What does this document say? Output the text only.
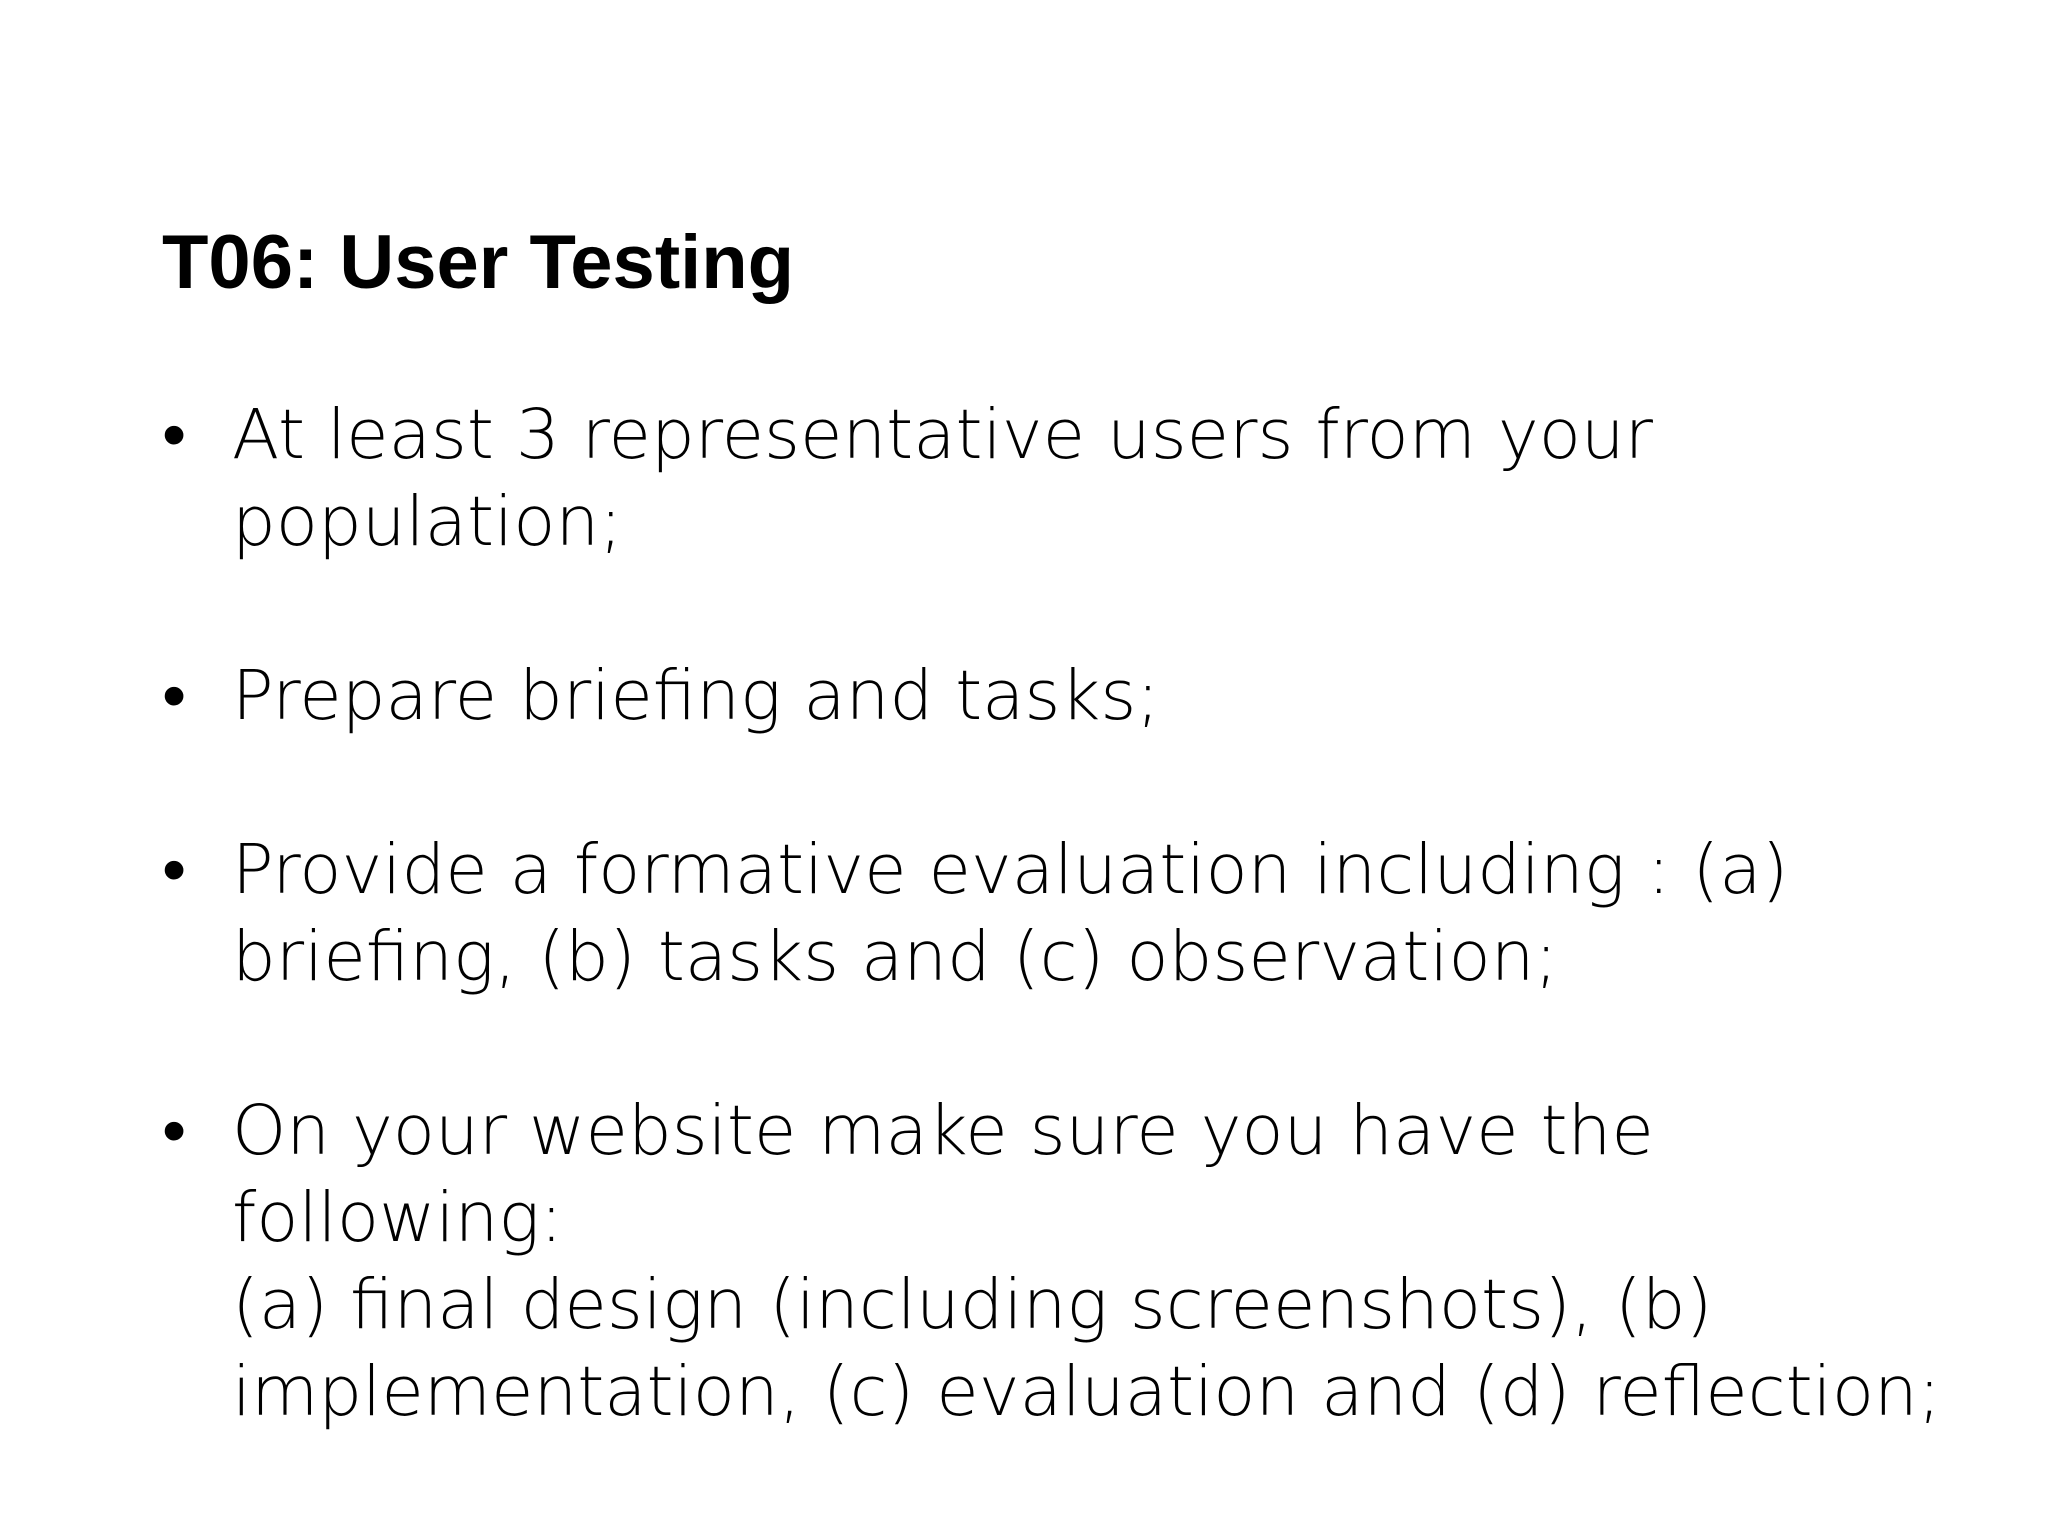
T06: User Testing
• At least 3 representative users from your
population;
• Prepare briefing and tasks;
• Provide a formative evaluation including : (a)
briefing, (b) tasks and (c) observation;
• On your website make sure you have the following:
(a) final design (including screenshots), (b)
implementation, (c) evaluation and (d) reflection;
